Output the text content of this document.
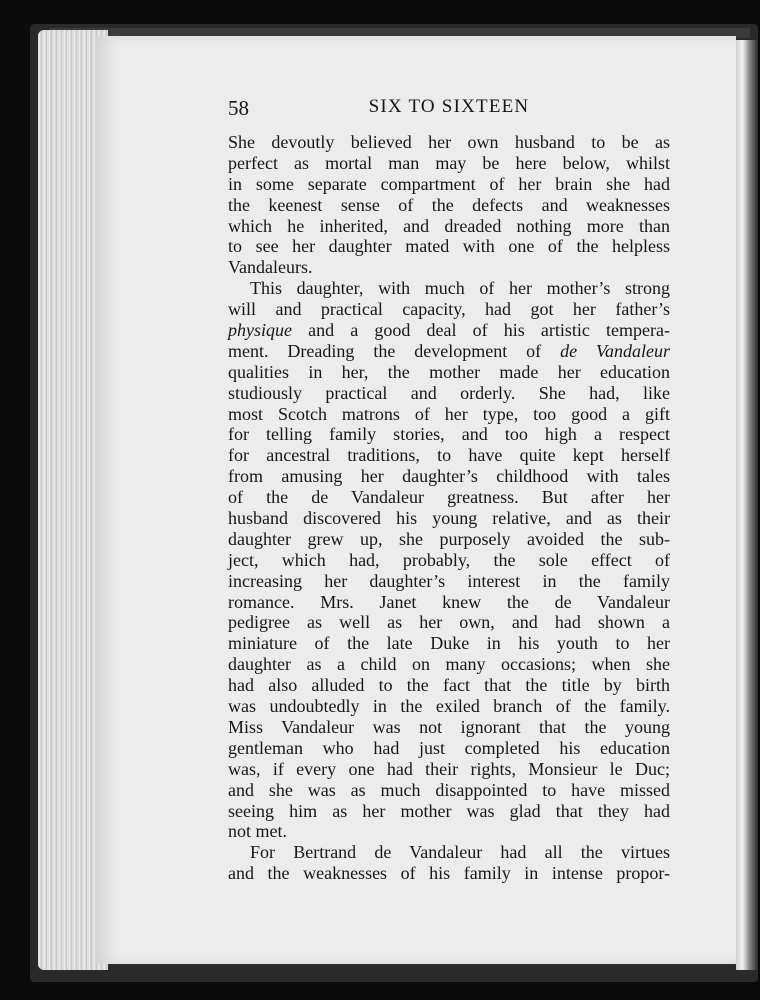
58	SIX TO SIXTEEN
She devoutly believed her own husband to be as
perfect as mortal man may be here below, whilst
in some separate compartment of her brain she had
the keenest sense of the defects and weaknesses
which he inherited, and dreaded nothing more than
to see her daughter mated with one of the helpless
Vandaleurs.
This daughter, with much of her mother’s strong
will and practical capacity, had got her father’s
physique and a good deal of his artistic tempera-
ment. Dreading the development of de Vandaleur
qualities in her, the mother made her education
studiously practical and orderly. She had, like
most Scotch matrons of her type, too good a gift
for telling family stories, and too high a respect
for ancestral traditions, to have quite kept herself
from amusing her daughter’s childhood with tales
of the de Vandaleur greatness. But after her
husband discovered his young relative, and as their
daughter grew up, she purposely avoided the sub-
ject, which had, probably, the sole effect of
increasing her daughter’s interest in the family
romance. Mrs. Janet knew the de Vandaleur
pedigree as well as her own, and had shown a
miniature of the late Duke in his youth to her
daughter as a child on many occasions; when she
had also alluded to the fact that the title by birth
was undoubtedly in the exiled branch of the family.
Miss Vandaleur was not ignorant that the young
gentleman who had just completed his education
was, if every one had their rights, Monsieur le Duc;
and she was as much disappointed to have missed
seeing him as her mother was glad that they had
not met.
For Bertrand de Vandaleur had all the virtues
and the weaknesses of his family in intense propor-
